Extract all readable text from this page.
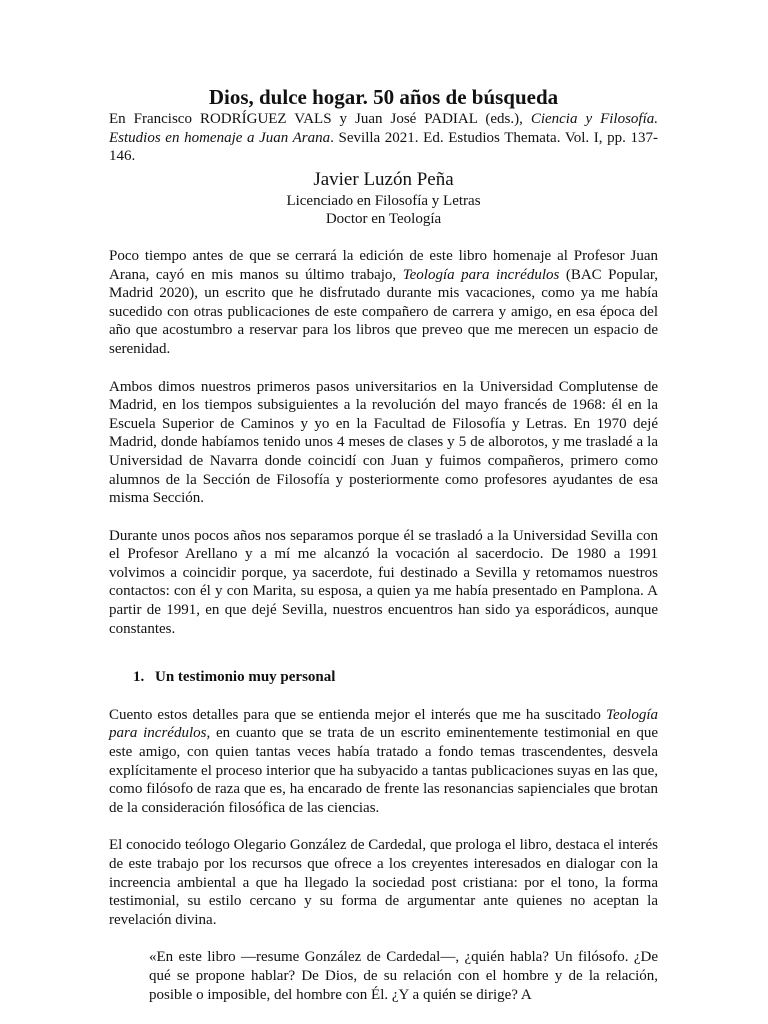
Dios, dulce hogar. 50 años de búsqueda

En Francisco RODRÍGUEZ VALS y Juan José PADIAL (eds.), Ciencia y Filosofía. Estudios en homenaje a Juan Arana. Sevilla 2021. Ed. Estudios Themata. Vol. I, pp. 137-146.

Javier Luzón Peña
Licenciado en Filosofía y Letras
Doctor en Teología

Poco tiempo antes de que se cerrará la edición de este libro homenaje al Profesor Juan Arana, cayó en mis manos su último trabajo, Teología para incrédulos (BAC Popular, Madrid 2020), un escrito que he disfrutado durante mis vacaciones, como ya me había sucedido con otras publicaciones de este compañero de carrera y amigo, en esa época del año que acostumbro a reservar para los libros que preveo que me merecen un espacio de serenidad.

Ambos dimos nuestros primeros pasos universitarios en la Universidad Complutense de Madrid, en los tiempos subsiguientes a la revolución del mayo francés de 1968: él en la Escuela Superior de Caminos y yo en la Facultad de Filosofía y Letras. En 1970 dejé Madrid, donde habíamos tenido unos 4 meses de clases y 5 de alborotos, y me trasladé a la Universidad de Navarra donde coincidí con Juan y fuimos compañeros, primero como alumnos de la Sección de Filosofía y posteriormente como profesores ayudantes de esa misma Sección.

Durante unos pocos años nos separamos porque él se trasladó a la Universidad Sevilla con el Profesor Arellano y a mí me alcanzó la vocación al sacerdocio. De 1980 a 1991 volvimos a coincidir porque, ya sacerdote, fui destinado a Sevilla y retomamos nuestros contactos: con él y con Marita, su esposa, a quien ya me había presentado en Pamplona. A partir de 1991, en que dejé Sevilla, nuestros encuentros han sido ya esporádicos, aunque constantes.

1. Un testimonio muy personal

Cuento estos detalles para que se entienda mejor el interés que me ha suscitado Teología para incrédulos, en cuanto que se trata de un escrito eminentemente testimonial en que este amigo, con quien tantas veces había tratado a fondo temas trascendentes, desvela explícitamente el proceso interior que ha subyacido a tantas publicaciones suyas en las que, como filósofo de raza que es, ha encarado de frente las resonancias sapienciales que brotan de la consideración filosófica de las ciencias.

El conocido teólogo Olegario González de Cardedal, que prologa el libro, destaca el interés de este trabajo por los recursos que ofrece a los creyentes interesados en dialogar con la increencia ambiental a que ha llegado la sociedad post cristiana: por el tono, la forma testimonial, su estilo cercano y su forma de argumentar ante quienes no aceptan la revelación divina.

«En este libro —resume González de Cardedal—, ¿quién habla? Un filósofo. ¿De qué se propone hablar? De Dios, de su relación con el hombre y de la relación, posible o imposible, del hombre con Él. ¿Y a quién se dirige? A
